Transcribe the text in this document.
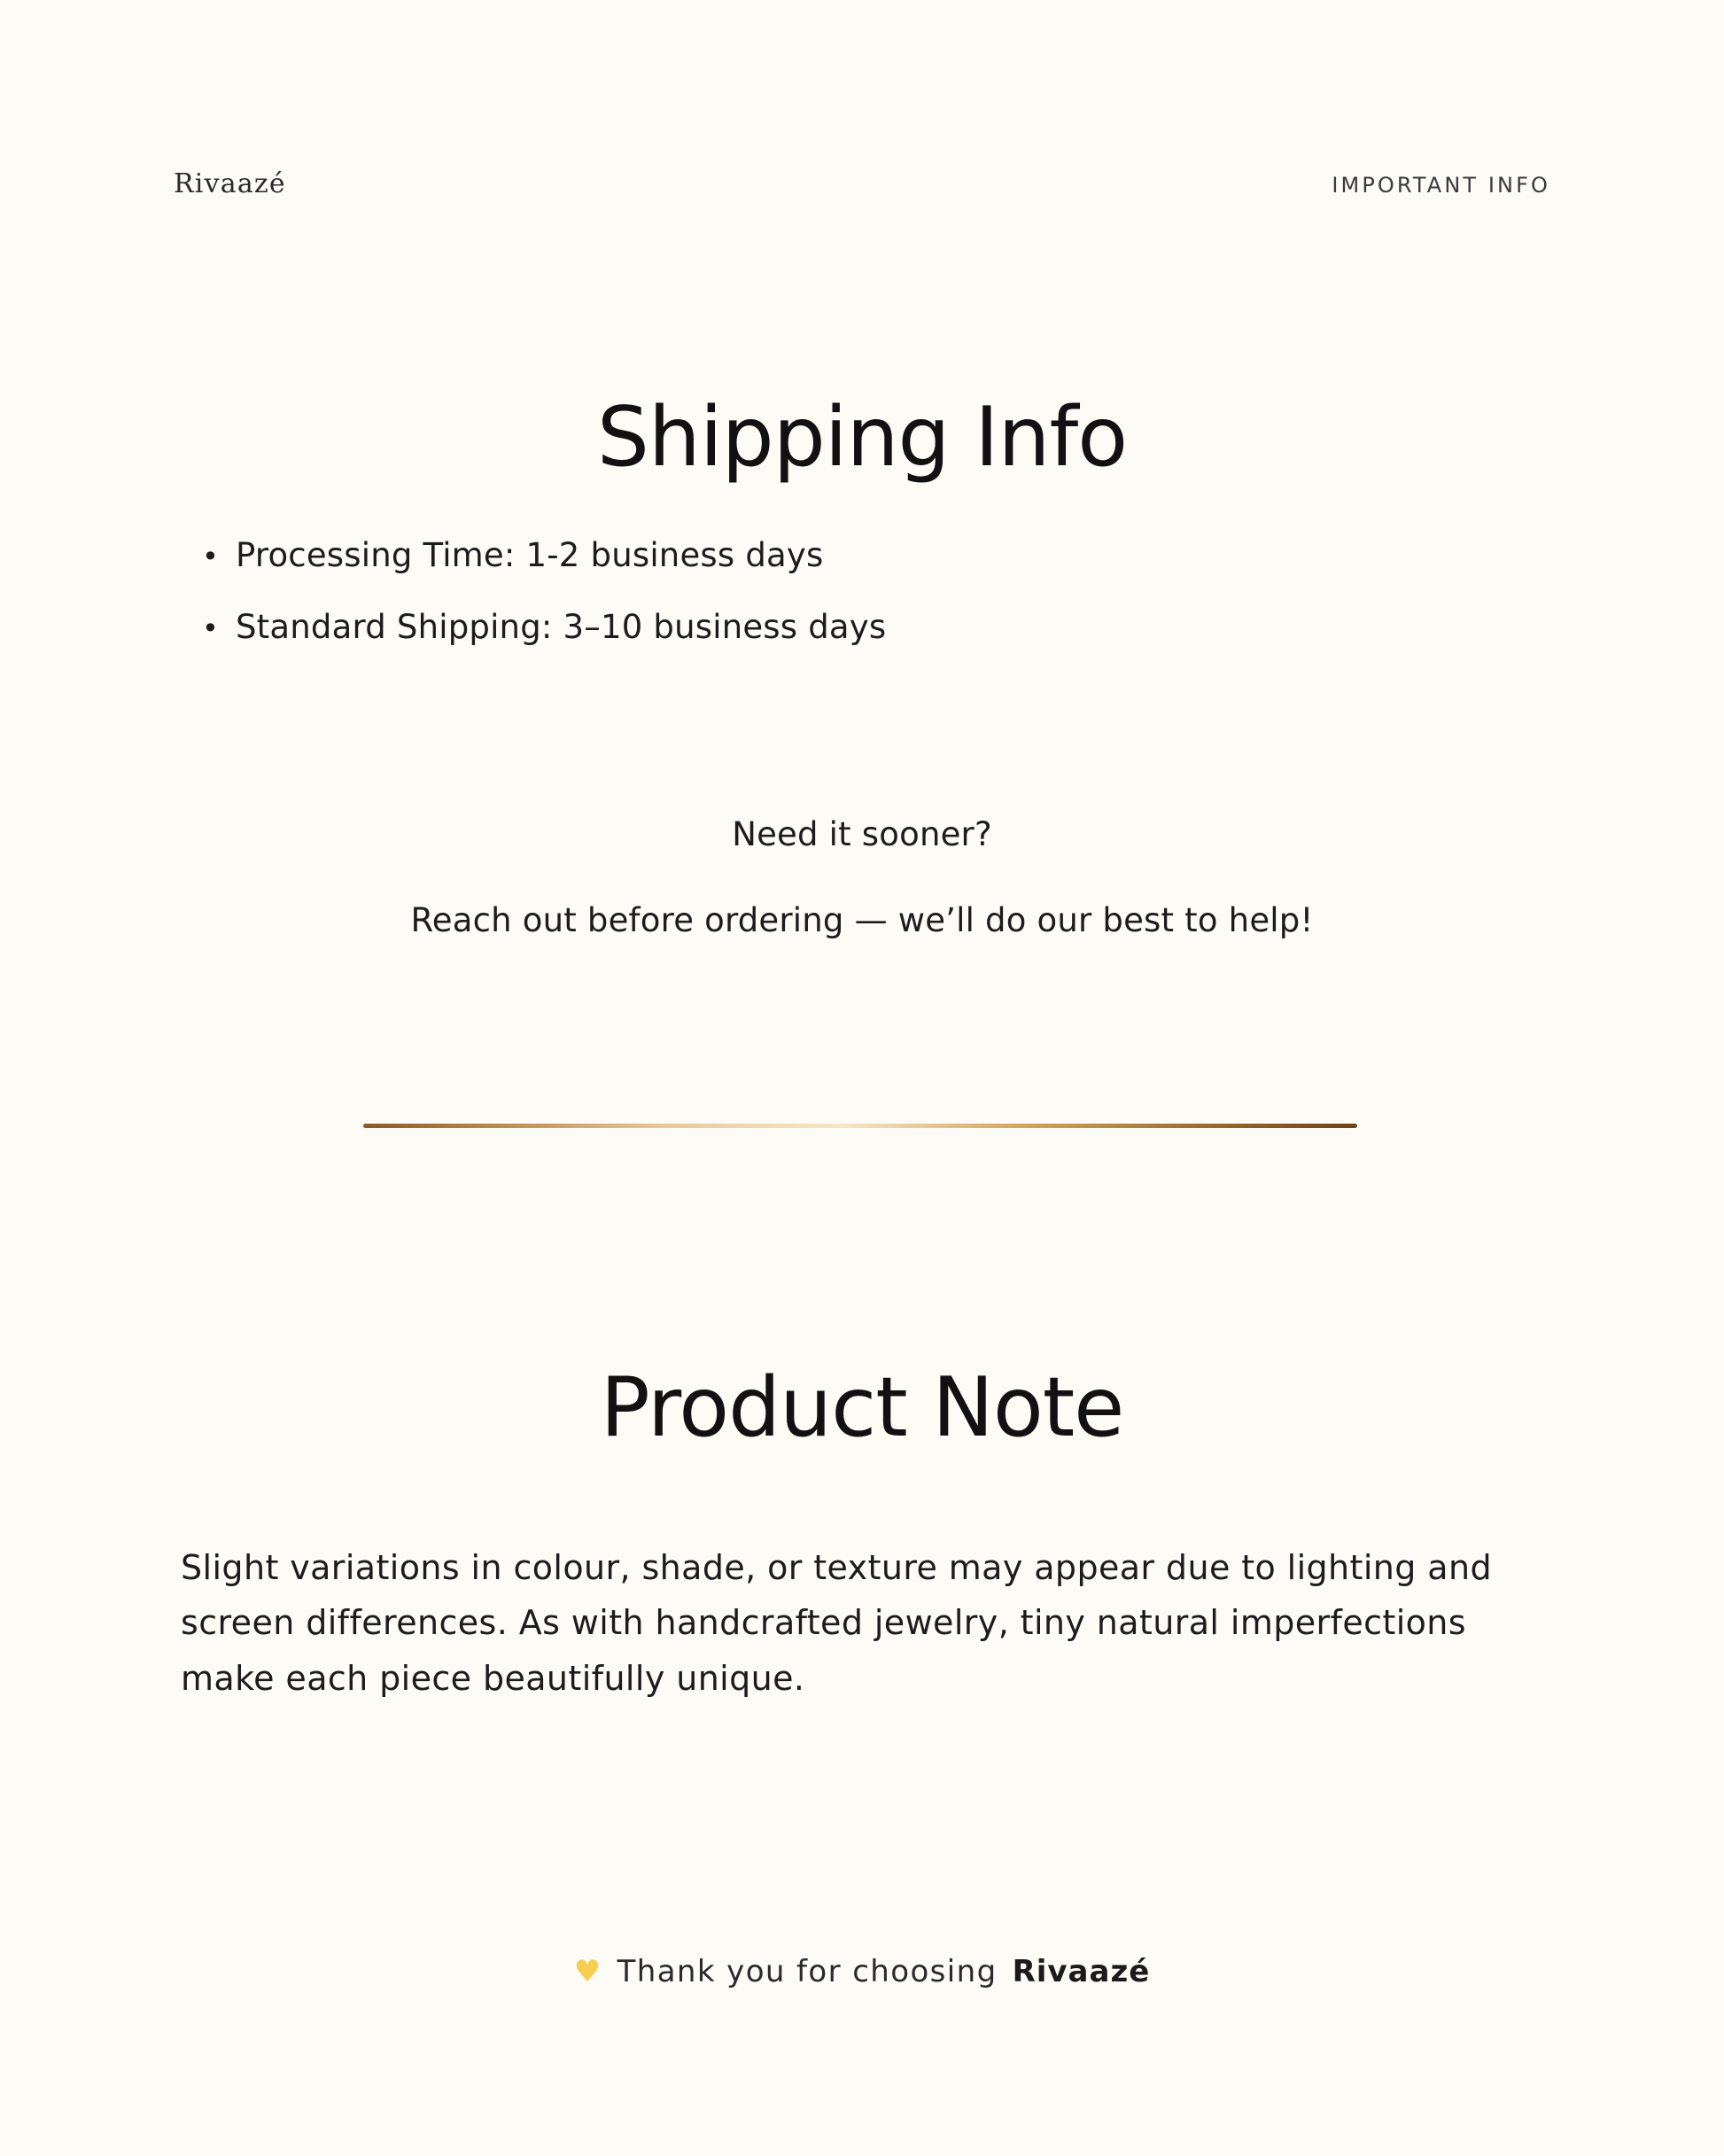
Rivaazé	IMPORTANT INFO
Shipping Info
• Processing Time: 1-2 business days
• Standard Shipping: 3–10 business days
Need it sooner?
Reach out before ordering — we’ll do our best to help!
Product Note

Slight variations in colour, shade, or texture may appear due to lighting and screen differences. As with handcrafted jewelry, tiny natural imperfections make each piece beautifully unique.

♥ Thank you for choosing Rivaazé
